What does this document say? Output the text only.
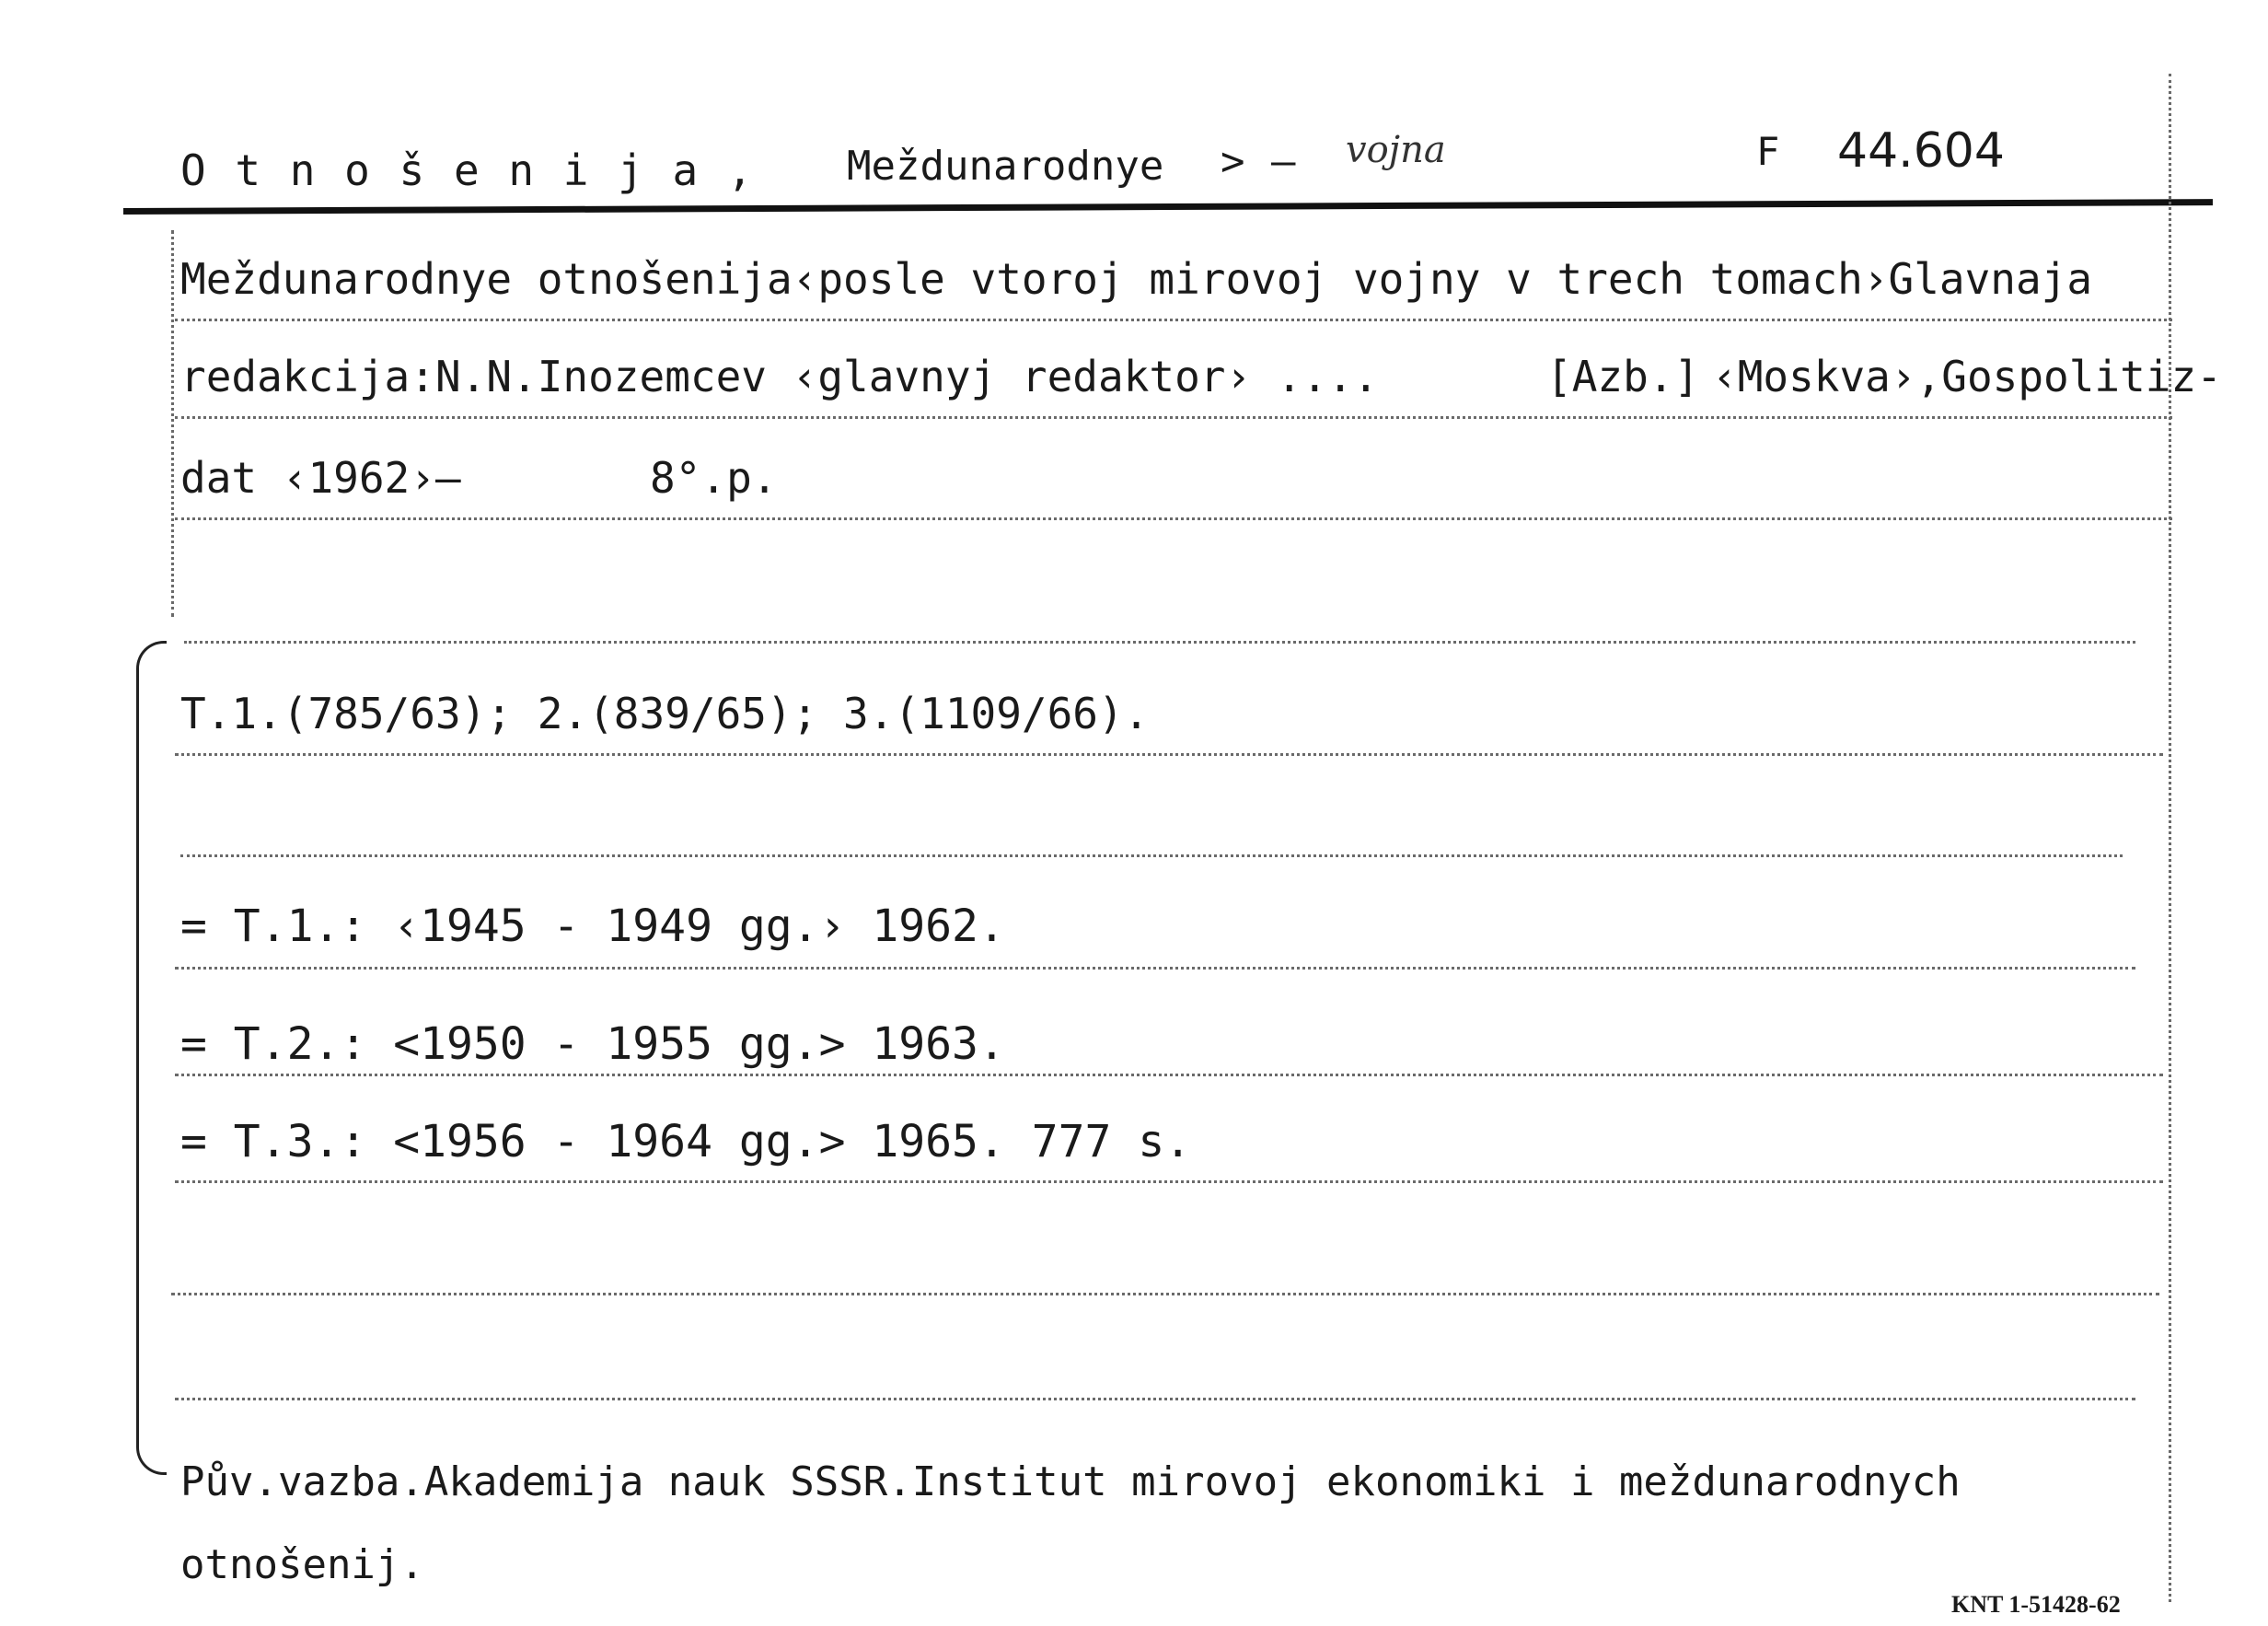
O t n o š e n i j a , Meždunarodnye > – vojna	F 44.604
Meždunarodnye otnošenija‹posle vtoroj mirovoj vojny v trech tomach›Glavnaja
redakcija:N.N.Inozemcev ‹glavnyj redaktor› ....	[Azb.] ‹Moskva›,Gospolitiz-
dat ‹1962›–	8°.p.
T.1.(785/63); 2.(839/65); 3.(1109/66).
= T.1.: ‹1945 - 1949 gg.› 1962.
= T.2.: <1950 - 1955 gg.> 1963.
= T.3.: <1956 - 1964 gg.> 1965. 777 s.
Pův.vazba.Akademija nauk SSSR.Institut mirovoj ekonomiki i meždunarodnych
otnošenij.
KNT 1-51428-62
